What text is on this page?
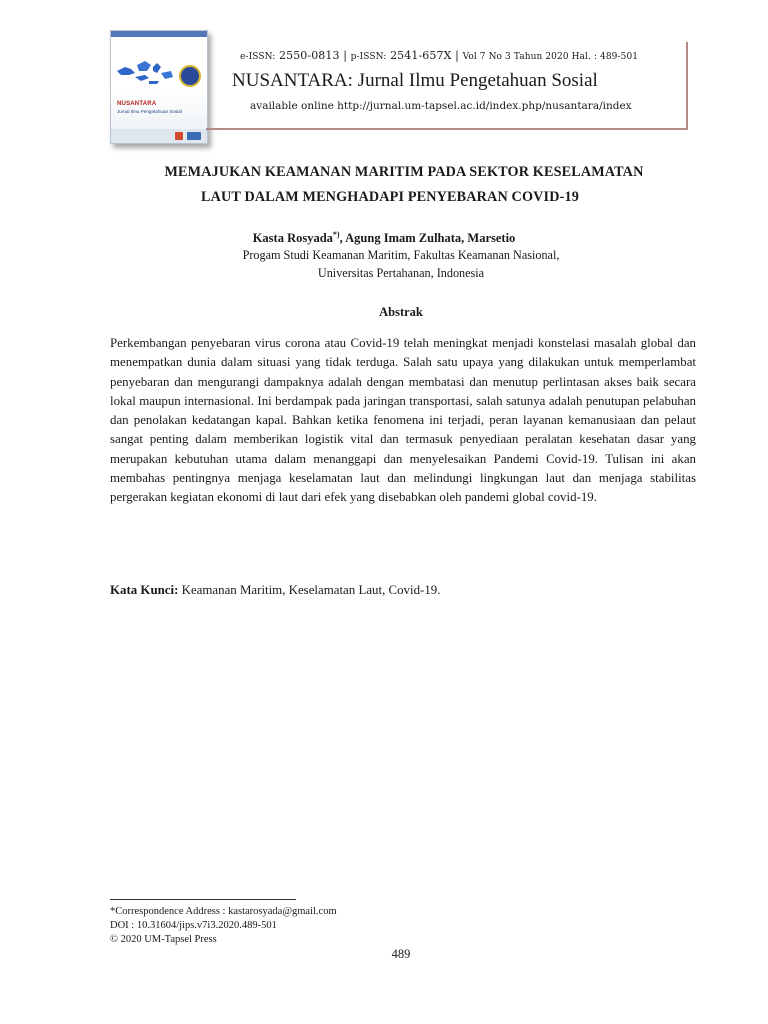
NUSANTARA
Jurnal Ilmu Pengetahuan Sosial
e-ISSN: 2550-0813 | p-ISSN: 2541-657X | Vol 7 No 3 Tahun 2020 Hal. : 489-501
NUSANTARA: Jurnal Ilmu Pengetahuan Sosial
available online http://jurnal.um-tapsel.ac.id/index.php/nusantara/index
MEMAJUKAN KEAMANAN MARITIM PADA SEKTOR KESELAMATAN
LAUT DALAM MENGHADAPI PENYEBARAN COVID-19
Kasta Rosyada*), Agung Imam Zulhata, Marsetio
Progam Studi Keamanan Maritim, Fakultas Keamanan Nasional,
Universitas Pertahanan, Indonesia
Abstrak

Perkembangan penyebaran virus corona atau Covid-19 telah meningkat menjadi konstelasi masalah global dan menempatkan dunia dalam situasi yang tidak terduga. Salah satu upaya yang dilakukan untuk memperlambat penyebaran dan mengurangi dampaknya adalah dengan membatasi dan menutup perlintasan akses baik secara lokal maupun internasional. Ini berdampak pada jaringan transportasi, salah satunya adalah penutupan pelabuhan dan penolakan kedatangan kapal. Bahkan ketika fenomena ini terjadi, peran layanan kemanusiaan dan pelaut sangat penting dalam memberikan logistik vital dan termasuk penyediaan peralatan kesehatan dasar yang merupakan kebutuhan utama dalam menanggapi dan menyelesaikan Pandemi Covid-19. Tulisan ini akan membahas pentingnya menjaga keselamatan laut dan melindungi lingkungan laut dan menjaga stabilitas pergerakan kegiatan ekonomi di laut dari efek yang disebabkan oleh pandemi global covid-19.

Kata Kunci: Keamanan Maritim, Keselamatan Laut, Covid-19.
*Correspondence Address : kastarosyada@gmail.com
DOI : 10.31604/jips.v7i3.2020.489-501
© 2020 UM-Tapsel Press
489
